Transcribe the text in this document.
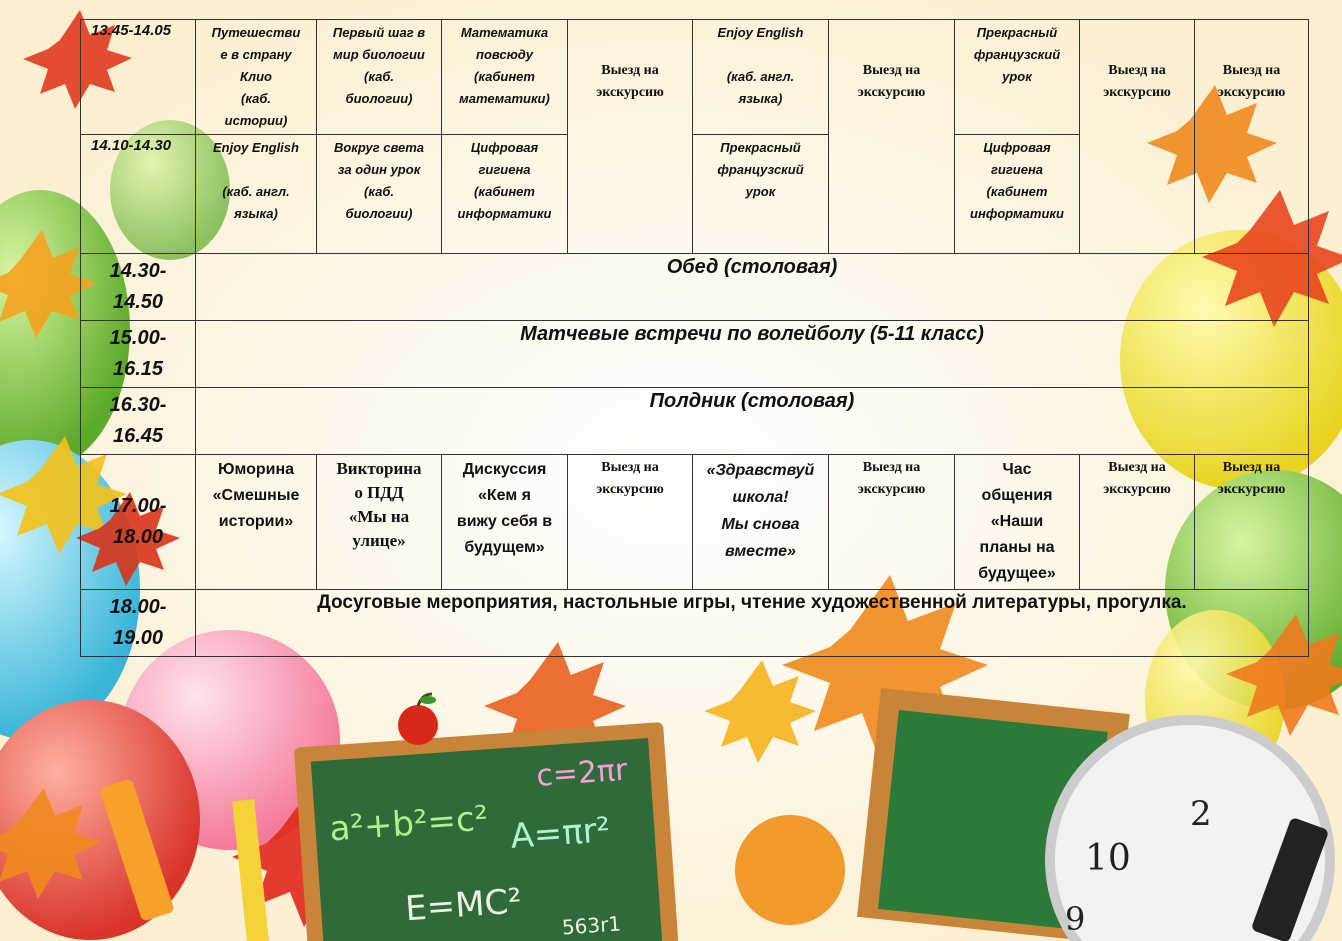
a²+b²=c²
c=2πr
A=πr²
E=MC² 563r1
10
9
2
13.45-14.05	Путешестви
е в страну
Клио
(каб.
истории)	Первый шаг в
мир биологии
(каб.
биологии)	Математика
повсюду
(кабинет
математики)	Выезд на
экскурсию	Enjoy English

(каб. англ.
языка)	Выезд на
экскурсию	Прекрасный
французский
урок	Выезд на
экскурсию	Выезд на
экскурсию
14.10-14.30	Enjoy English

(каб. англ.
языка)	Вокруг света
за один урок
(каб.
биологии)	Цифровая
гигиена
(кабинет
информатики		Прекрасный
французский
урок		Цифровая
гигиена
(кабинет
информатики		
14.30-
14.50	Обед (столовая)								
15.00-
16.15	Матчевые встречи по волейболу (5-11 класс)								
16.30-
16.45	Полдник (столовая)								
17.00-
18.00	Юморина
«Смешные
истории»	Викторина
о ПДД
«Мы на
улице»	Дискуссия
«Кем я
вижу себя в
будущем»	Выезд на
экскурсию	«Здравствуй
школа!
Мы снова
вместе»	Выезд на
экскурсию	Час
общения
«Наши
планы на
будущее»	Выезд на
экскурсию	Выезд на
экскурсию
18.00-
19.00	Досуговые мероприятия, настольные игры, чтение художественной литературы, прогулка.								
